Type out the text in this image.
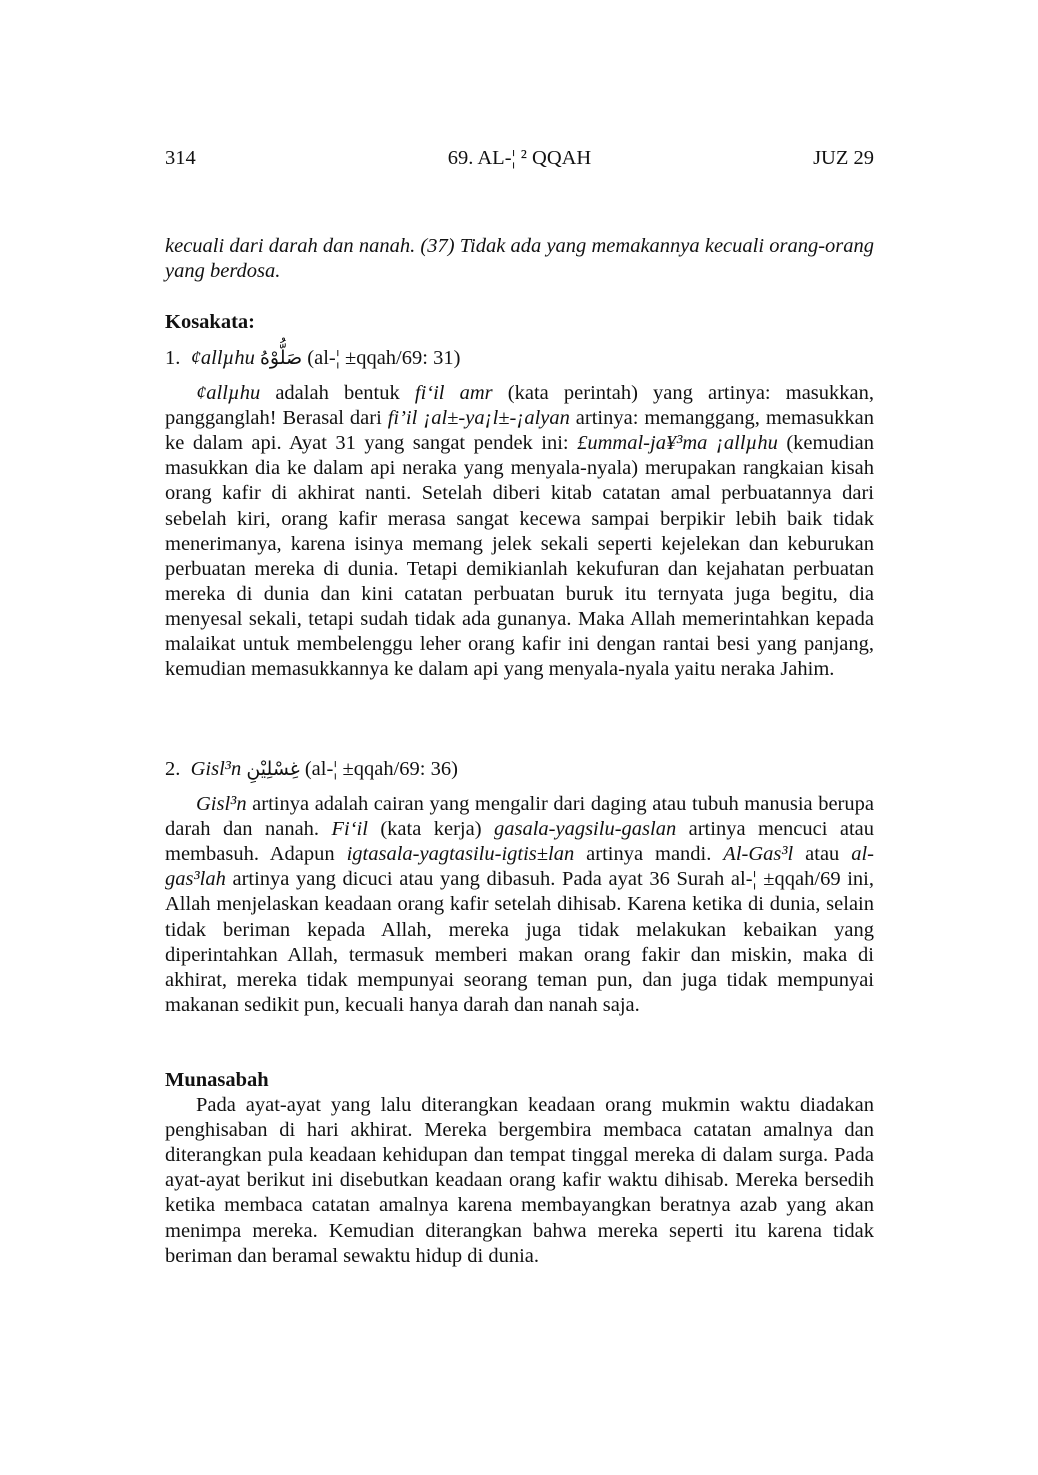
314	69. AL-¦ ² QQAH	JUZ 29

kecuali dari darah dan nanah. (37) Tidak ada yang memakannya kecuali orang-orang yang berdosa.

Kosakata:
1. ¢allµhu صَلُّوْهُ (al-¦ ±qqah/69: 31)

¢allµhu adalah bentuk fi‘il amr (kata perintah) yang artinya: masukkan, pangganglah! Berasal dari fi’il ¡al±-ya¡l±-¡alyan artinya: memanggang, memasukkan ke dalam api. Ayat 31 yang sangat pendek ini: £ummal-ja¥³ma ¡allµhu (kemudian masukkan dia ke dalam api neraka yang menyala-nyala) merupakan rangkaian kisah orang kafir di akhirat nanti. Setelah diberi kitab catatan amal perbuatannya dari sebelah kiri, orang kafir merasa sangat kecewa sampai berpikir lebih baik tidak menerimanya, karena isinya memang jelek sekali seperti kejelekan dan keburukan perbuatan mereka di dunia. Tetapi demikianlah kekufuran dan kejahatan perbuatan mereka di dunia dan kini catatan perbuatan buruk itu ternyata juga begitu, dia menyesal sekali, tetapi sudah tidak ada gunanya. Maka Allah memerintahkan kepada malaikat untuk membelenggu leher orang kafir ini dengan rantai besi yang panjang, kemudian memasukkannya ke dalam api yang menyala-nyala yaitu neraka Jahim.

2. Gisl³n غِسْلِيْنِ (al-¦ ±qqah/69: 36)

Gisl³n artinya adalah cairan yang mengalir dari daging atau tubuh manusia berupa darah dan nanah. Fi‘il (kata kerja) gasala-yagsilu-gaslan artinya mencuci atau membasuh. Adapun igtasala-yagtasilu-igtis±lan artinya mandi. Al-Gas³l atau al-gas³lah artinya yang dicuci atau yang dibasuh. Pada ayat 36 Surah al-¦ ±qqah/69 ini, Allah menjelaskan keadaan orang kafir setelah dihisab. Karena ketika di dunia, selain tidak beriman kepada Allah, mereka juga tidak melakukan kebaikan yang diperintahkan Allah, termasuk memberi makan orang fakir dan miskin, maka di akhirat, mereka tidak mempunyai seorang teman pun, dan juga tidak mempunyai makanan sedikit pun, kecuali hanya darah dan nanah saja.

Munasabah

Pada ayat-ayat yang lalu diterangkan keadaan orang mukmin waktu diadakan penghisaban di hari akhirat. Mereka bergembira membaca catatan amalnya dan diterangkan pula keadaan kehidupan dan tempat tinggal mereka di dalam surga. Pada ayat-ayat berikut ini disebutkan keadaan orang kafir waktu dihisab. Mereka bersedih ketika membaca catatan amalnya karena membayangkan beratnya azab yang akan menimpa mereka. Kemudian diterangkan bahwa mereka seperti itu karena tidak beriman dan beramal sewaktu hidup di dunia.
